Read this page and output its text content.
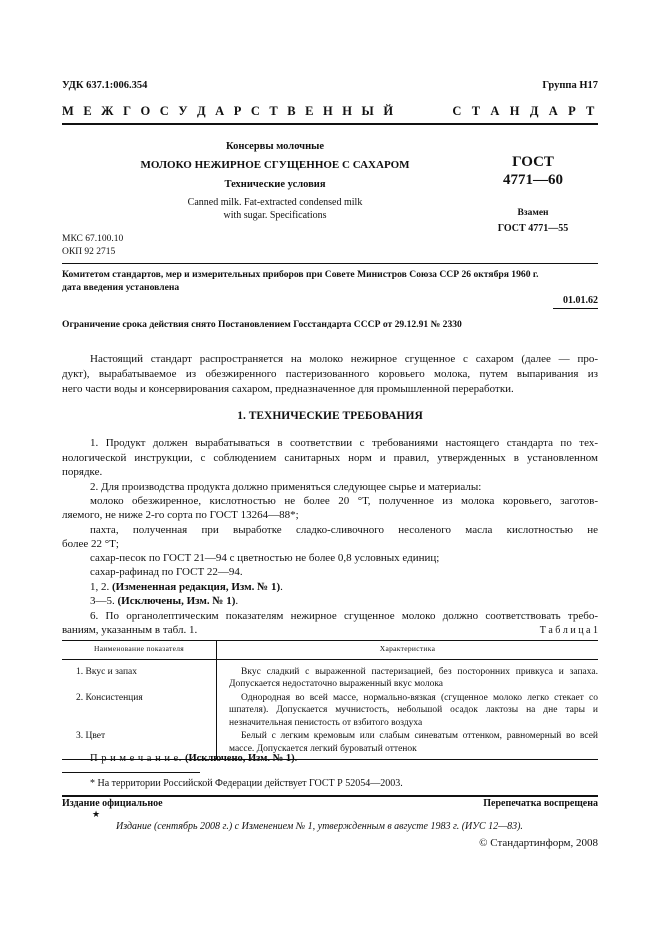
УДК 637.1:006.354	Группа Н17
М Е Ж Г О С У Д А Р С Т В Е Н Н Ы Й	С Т А Н Д А Р Т
Консервы молочные
МОЛОКО НЕЖИРНОЕ СГУЩЕННОЕ С САХАРОМ
Технические условия
Canned milk. Fat-extracted condensed milk
with sugar. Specifications
ГОСТ
4771—60
Взамен
ГОСТ 4771—55
МКС 67.100.10
ОКП 92 2715
Комитетом стандартов, мер и измерительных приборов при Совете Министров Союза ССР 26 октября 1960 г.
дата введения установлена
01.01.62
Ограничение срока действия снято Постановлением Госстандарта СССР от 29.12.91 № 2330
Настоящий стандарт распространяется на молоко нежирное сгущенное с сахаром (далее — про-
дукт), вырабатываемое из обезжиренного пастеризованного коровьего молока, путем выпаривания из
него части воды и консервирования сахаром, предназначенное для промышленной переработки.
1. ТЕХНИЧЕСКИЕ ТРЕБОВАНИЯ
1. Продукт должен вырабатываться в соответствии с требованиями настоящего стандарта по тех-
нологической инструкции, с соблюдением санитарных норм и правил, утвержденных в установленном
порядке.
2. Для производства продукта должно применяться следующее сырье и материалы:
молоко обезжиренное, кислотностью не более 20 °Т, полученное из молока коровьего, заготов-
ляемого, не ниже 2-го сорта по ГОСТ 13264—88*;
пахта, полученная при выработке сладко-сливочного несоленого масла кислотностью не
более 22 °Т;
сахар-песок по ГОСТ 21—94 с цветностью не более 0,8 условных единиц;
сахар-рафинад по ГОСТ 22—94.
1, 2. (Измененная редакция, Изм. № 1).
3—5. (Исключены, Изм. № 1).
6. По органолептическим показателям нежирное сгущенное молоко должно соответствовать требо-
ваниям, указанным в табл. 1.	Т а б л и ц а 1
Наименование показателя	Характеристика
1. Вкус и запах	Вкус сладкий с выраженной пастеризацией, без посторонних привкуса и запаха. Допускается недостаточно выраженный вкус молока
2. Консистенция	Однородная во всей массе, нормально-вязкая (сгущенное молоко легко стекает со шпателя). Допускается мучнистость, небольшой осадок лактозы на дне тары и незначительная пенистость от взбитого воздуха
3. Цвет	Белый с легким кремовым или слабым синеватым оттенком, равномерный во всей массе. Допускается легкий буроватый оттенок
П р и м е ч а н и е. (Исключено, Изм. № 1).
* На территории Российской Федерации действует ГОСТ Р 52054—2003.
Издание официальное	Перепечатка воспрещена
★
Издание (сентябрь 2008 г.) с Изменением № 1, утвержденным в августе 1983 г. (ИУС 12—83).
© Стандартинформ, 2008
